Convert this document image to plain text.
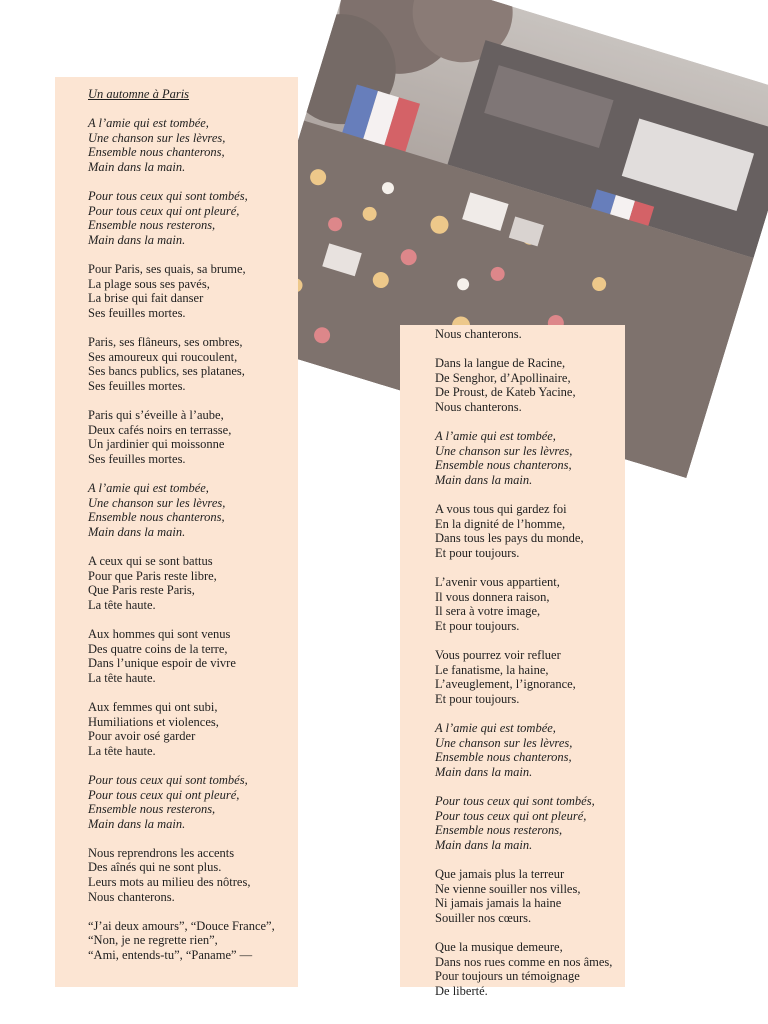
Un automne à Paris
A l’amie qui est tombée,
Une chanson sur les lèvres,
Ensemble nous chanterons,
Main dans la main.
Pour tous ceux qui sont tombés,
Pour tous ceux qui ont pleuré,
Ensemble nous resterons,
Main dans la main.
Pour Paris, ses quais, sa brume,
La plage sous ses pavés,
La brise qui fait danser
Ses feuilles mortes.
Paris, ses flâneurs, ses ombres,
Ses amoureux qui roucoulent,
Ses bancs publics, ses platanes,
Ses feuilles mortes.
Paris qui s’éveille à l’aube,
Deux cafés noirs en terrasse,
Un jardinier qui moissonne
Ses feuilles mortes.
A l’amie qui est tombée,
Une chanson sur les lèvres,
Ensemble nous chanterons,
Main dans la main.
A ceux qui se sont battus
Pour que Paris reste libre,
Que Paris reste Paris,
La tête haute.
Aux hommes qui sont venus
Des quatre coins de la terre,
Dans l’unique espoir de vivre
La tête haute.
Aux femmes qui ont subi,
Humiliations et violences,
Pour avoir osé garder
La tête haute.
Pour tous ceux qui sont tombés,
Pour tous ceux qui ont pleuré,
Ensemble nous resterons,
Main dans la main.
Nous reprendrons les accents
Des aînés qui ne sont plus.
Leurs mots au milieu des nôtres,
Nous chanterons.
“J’ai deux amours”, “Douce France”,
“Non, je ne regrette rien”,
“Ami, entends-tu”, “Paname” —
Nous chanterons.
Dans la langue de Racine,
De Senghor, d’Apollinaire,
De Proust, de Kateb Yacine,
Nous chanterons.
A l’amie qui est tombée,
Une chanson sur les lèvres,
Ensemble nous chanterons,
Main dans la main.
A vous tous qui gardez foi
En la dignité de l’homme,
Dans tous les pays du monde,
Et pour toujours.
L’avenir vous appartient,
Il vous donnera raison,
Il sera à votre image,
Et pour toujours.
Vous pourrez voir refluer
Le fanatisme, la haine,
L’aveuglement, l’ignorance,
Et pour toujours.
A l’amie qui est tombée,
Une chanson sur les lèvres,
Ensemble nous chanterons,
Main dans la main.
Pour tous ceux qui sont tombés,
Pour tous ceux qui ont pleuré,
Ensemble nous resterons,
Main dans la main.
Que jamais plus la terreur
Ne vienne souiller nos villes,
Ni jamais jamais la haine
Souiller nos cœurs.
Que la musique demeure,
Dans nos rues comme en nos âmes,
Pour toujours un témoignage
De liberté.
